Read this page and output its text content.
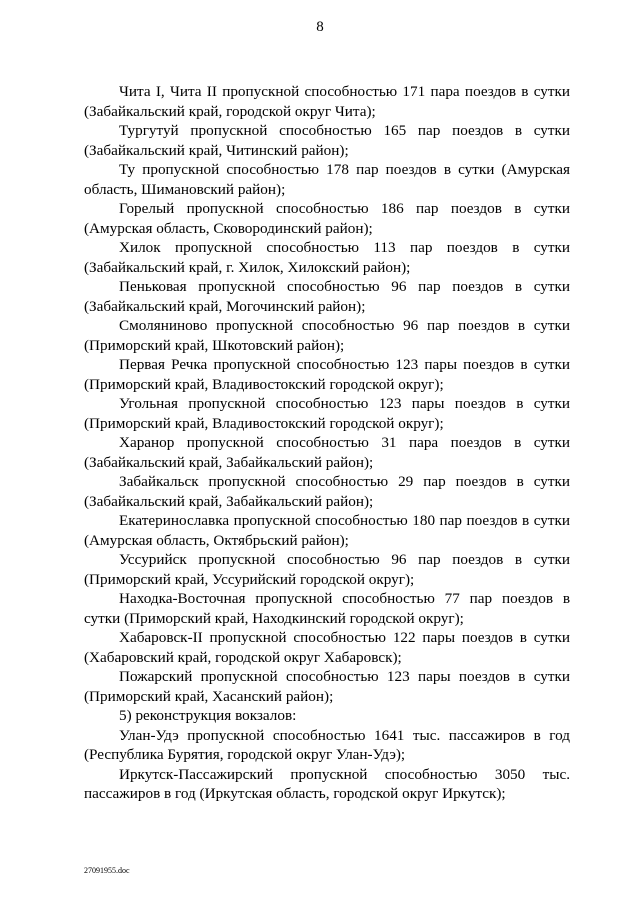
8

Чита I, Чита II пропускной способностью 171 пара поездов в сутки (Забайкальский край, городской округ Чита);

Тургутуй пропускной способностью 165 пар поездов в сутки (Забайкальский край, Читинский район);

Ту пропускной способностью 178 пар поездов в сутки (Амурская область, Шимановский район);

Горелый пропускной способностью 186 пар поездов в сутки (Амурская область, Сковородинский район);

Хилок пропускной способностью 113 пар поездов в сутки (Забайкальский край, г. Хилок, Хилокский район);

Пеньковая пропускной способностью 96 пар поездов в сутки (Забайкальский край, Могочинский район);

Смоляниново пропускной способностью 96 пар поездов в сутки (Приморский край, Шкотовский район);

Первая Речка пропускной способностью 123 пары поездов в сутки (Приморский край, Владивостокский городской округ);

Угольная пропускной способностью 123 пары поездов в сутки (Приморский край, Владивостокский городской округ);

Харанор пропускной способностью 31 пара поездов в сутки (Забайкальский край, Забайкальский район);

Забайкальск пропускной способностью 29 пар поездов в сутки (Забайкальский край, Забайкальский район);

Екатеринославка пропускной способностью 180 пар поездов в сутки (Амурская область, Октябрьский район);

Уссурийск пропускной способностью 96 пар поездов в сутки (Приморский край, Уссурийский городской округ);

Находка-Восточная пропускной способностью 77 пар поездов в сутки (Приморский край, Находкинский городской округ);

Хабаровск-II пропускной способностью 122 пары поездов в сутки (Хабаровский край, городской округ Хабаровск);

Пожарский пропускной способностью 123 пары поездов в сутки (Приморский край, Хасанский район);

5) реконструкция вокзалов:

Улан-Удэ пропускной способностью 1641 тыс. пассажиров в год (Республика Бурятия, городской округ Улан-Удэ);

Иркутск-Пассажирский пропускной способностью 3050 тыс. пассажиров в год (Иркутская область, городской округ Иркутск);

27091955.doc
